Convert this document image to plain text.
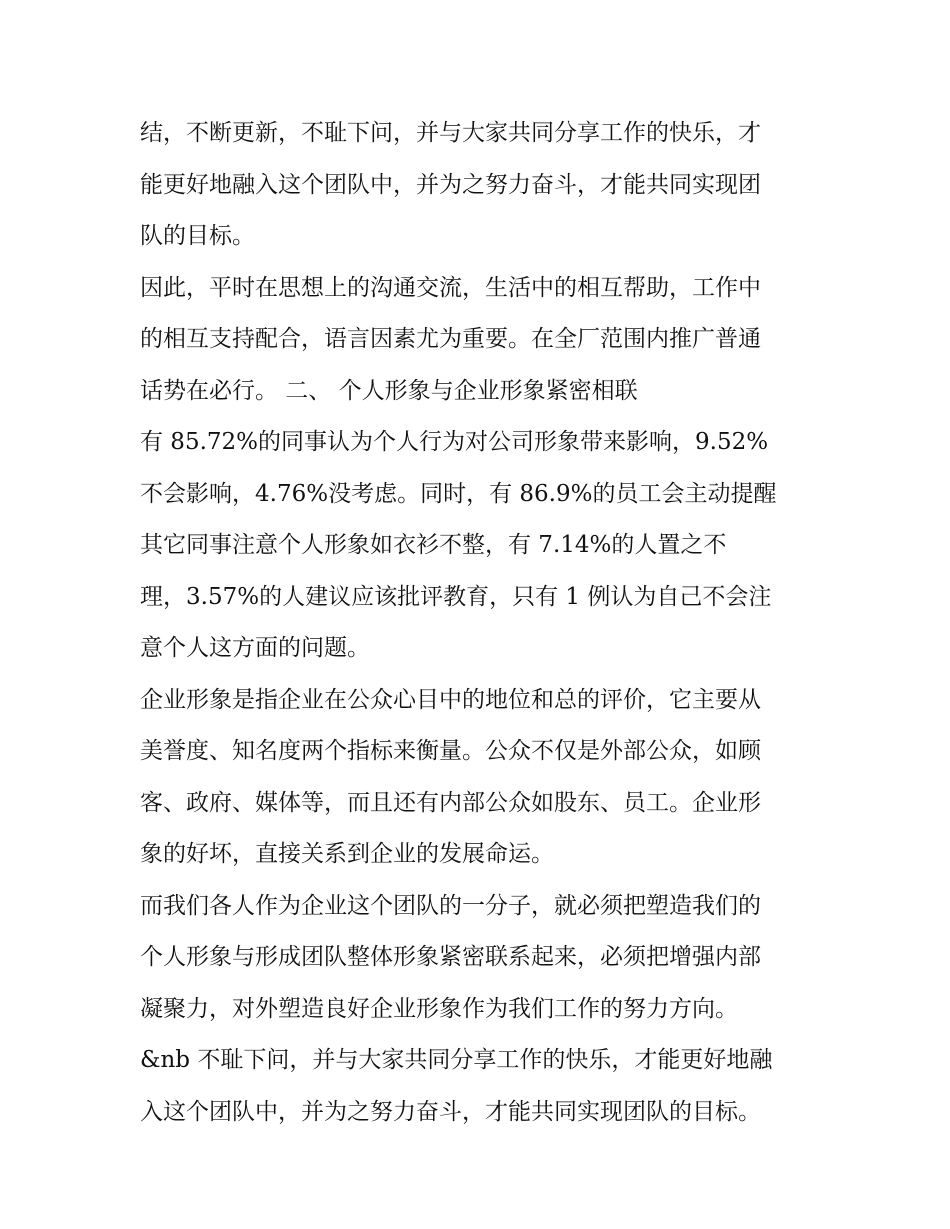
结，不断更新，不耻下问，并与大家共同分享工作的快乐，才
能更好地融入这个团队中，并为之努力奋斗，才能共同实现团
队的目标。
因此，平时在思想上的沟通交流，生活中的相互帮助，工作中
的相互支持配合，语言因素尤为重要。在全厂范围内推广普通
话势在必行。 二、 个人形象与企业形象紧密相联
有 85.72%的同事认为个人行为对公司形象带来影响，9.52%
不会影响，4.76%没考虑。同时，有 86.9%的员工会主动提醒
其它同事注意个人形象如衣衫不整，有 7.14%的人置之不
理，3.57%的人建议应该批评教育，只有 1 例认为自己不会注
意个人这方面的问题。
企业形象是指企业在公众心目中的地位和总的评价，它主要从
美誉度、知名度两个指标来衡量。公众不仅是外部公众，如顾
客、政府、媒体等，而且还有内部公众如股东、员工。企业形
象的好坏，直接关系到企业的发展命运。
而我们各人作为企业这个团队的一分子，就必须把塑造我们的
个人形象与形成团队整体形象紧密联系起来，必须把增强内部
凝聚力，对外塑造良好企业形象作为我们工作的努力方向。
&nb 不耻下问，并与大家共同分享工作的快乐，才能更好地融
入这个团队中，并为之努力奋斗，才能共同实现团队的目标。
